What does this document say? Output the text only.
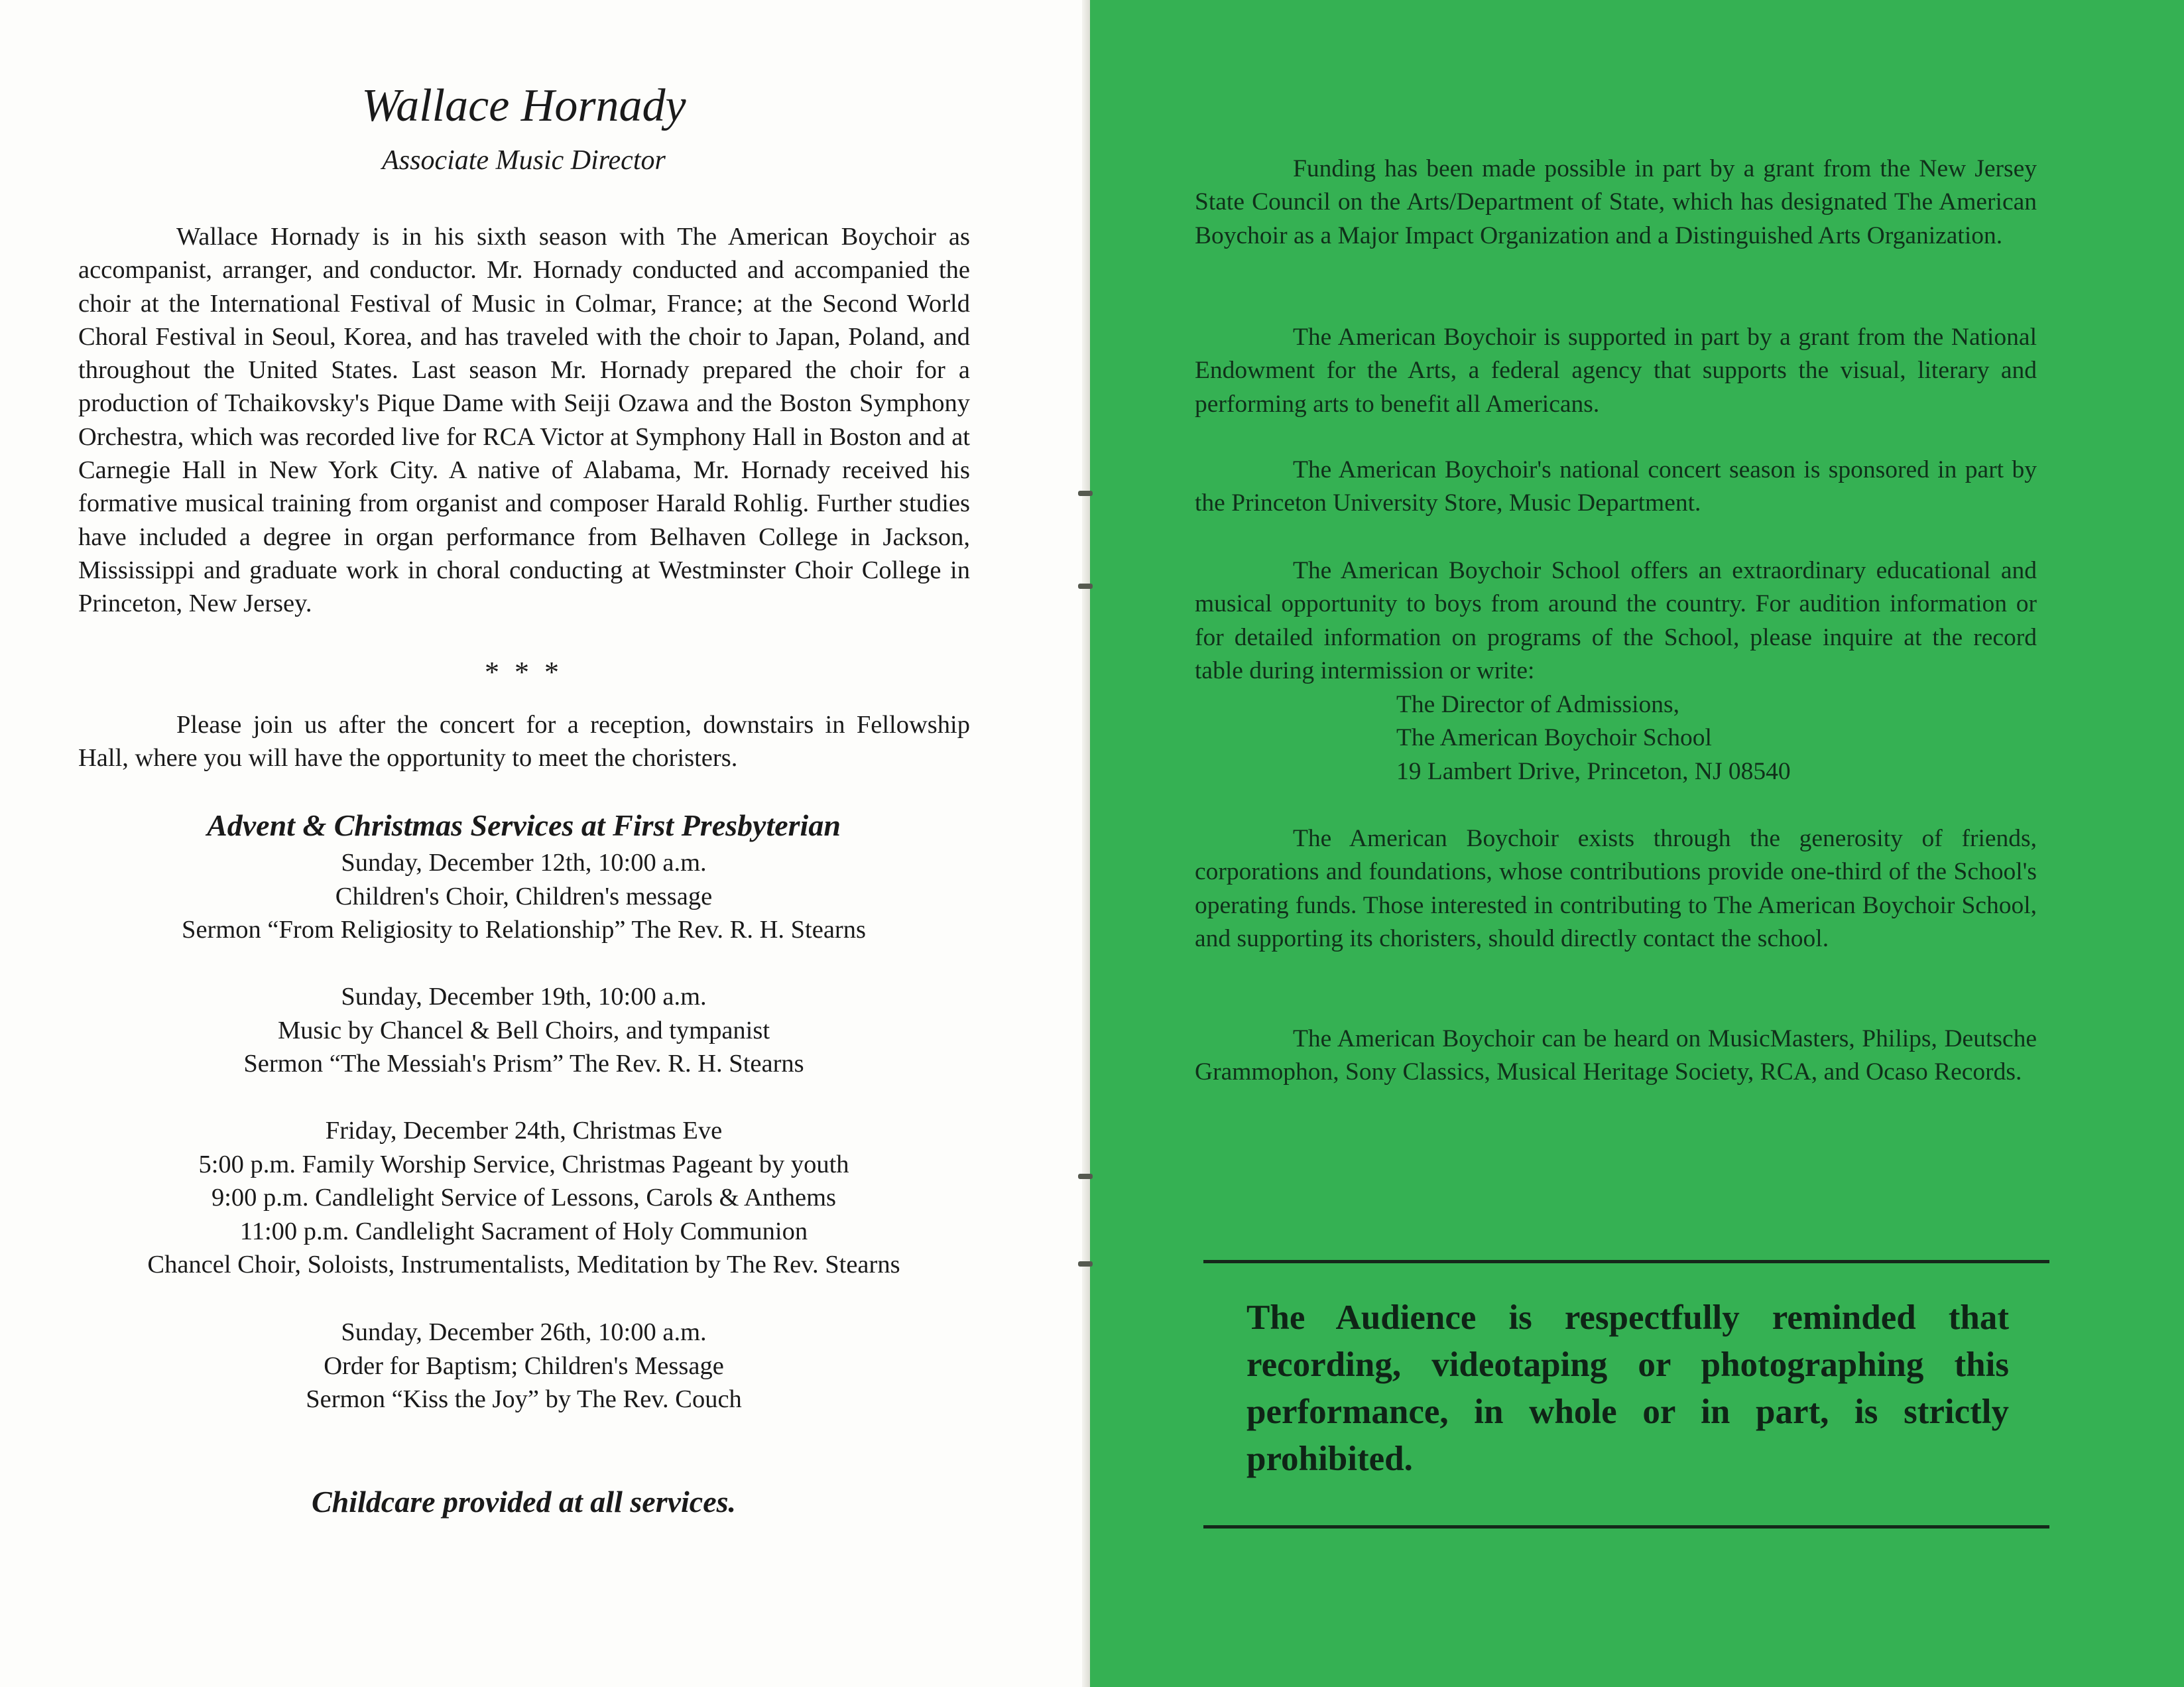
Wallace Hornady
Associate Music Director
Wallace Hornady is in his sixth season with The American Boychoir as accompanist, arranger, and conductor. Mr. Hornady conducted and accompanied the choir at the International Festival of Music in Colmar, France; at the Second World Choral Festival in Seoul, Korea, and has traveled with the choir to Japan, Poland, and throughout the United States. Last season Mr. Hornady prepared the choir for a production of Tchaikovsky's Pique Dame with Seiji Ozawa and the Boston Symphony Orchestra, which was recorded live for RCA Victor at Symphony Hall in Boston and at Carnegie Hall in New York City. A native of Alabama, Mr. Hornady received his formative musical training from organist and composer Harald Rohlig. Further studies have included a degree in organ performance from Belhaven College in Jackson, Mississippi and graduate work in choral conducting at Westminster Choir College in Princeton, New Jersey.
* * *
Please join us after the concert for a reception, downstairs in Fellowship Hall, where you will have the opportunity to meet the choristers.
Advent & Christmas Services at First Presbyterian
Sunday, December 12th, 10:00 a.m.
Children's Choir, Children's message
Sermon “From Religiosity to Relationship” The Rev. R. H. Stearns
Sunday, December 19th, 10:00 a.m.
Music by Chancel & Bell Choirs, and tympanist
Sermon “The Messiah's Prism” The Rev. R. H. Stearns
Friday, December 24th, Christmas Eve
5:00 p.m. Family Worship Service, Christmas Pageant by youth
9:00 p.m. Candlelight Service of Lessons, Carols & Anthems
11:00 p.m. Candlelight Sacrament of Holy Communion
Chancel Choir, Soloists, Instrumentalists, Meditation by The Rev. Stearns
Sunday, December 26th, 10:00 a.m.
Order for Baptism; Children's Message
Sermon “Kiss the Joy” by The Rev. Couch
Childcare provided at all services.
Funding has been made possible in part by a grant from the New Jersey State Council on the Arts/Department of State, which has designated The American Boychoir as a Major Impact Organization and a Distinguished Arts Organization.
The American Boychoir is supported in part by a grant from the National Endowment for the Arts, a federal agency that supports the visual, literary and performing arts to benefit all Americans.
The American Boychoir's national concert season is sponsored in part by the Princeton University Store, Music Department.
The American Boychoir School offers an extraordinary educational and musical opportunity to boys from around the country. For audition information or for detailed information on programs of the School, please inquire at the record table during intermission or write:
The Director of Admissions,
The American Boychoir School
19 Lambert Drive, Princeton, NJ 08540
The American Boychoir exists through the generosity of friends, corporations and foundations, whose contributions provide one-third of the School's operating funds. Those interested in contributing to The American Boychoir School, and supporting its choristers, should directly contact the school.
The American Boychoir can be heard on MusicMasters, Philips, Deutsche Grammophon, Sony Classics, Musical Heritage Society, RCA, and Ocaso Records.
The Audience is respectfully reminded that recording, videotaping or photographing this performance, in whole or in part, is strictly prohibited.
